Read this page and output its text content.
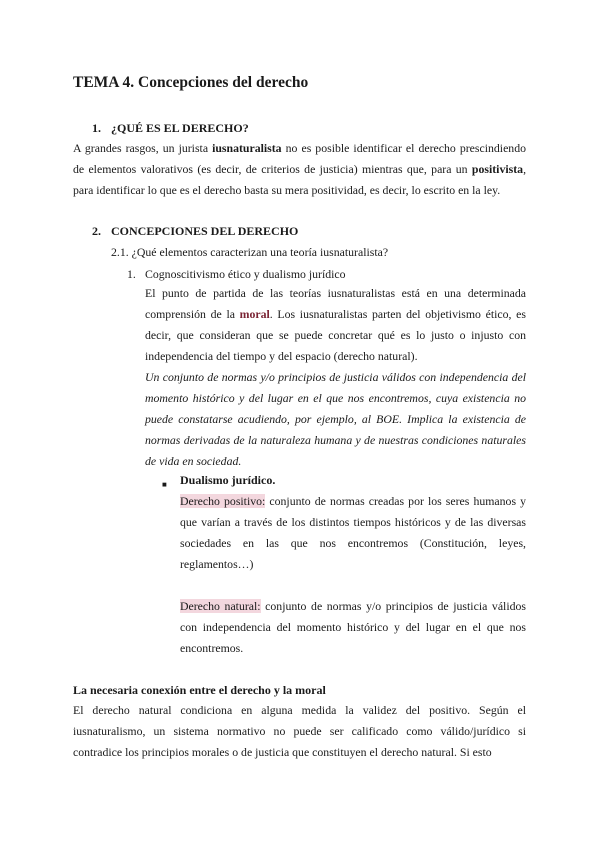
TEMA 4. Concepciones del derecho
1. ¿QUÉ ES EL DERECHO?

A grandes rasgos, un jurista iusnaturalista no es posible identificar el derecho prescindiendo de elementos valorativos (es decir, de criterios de justicia) mientras que, para un positivista, para identificar lo que es el derecho basta su mera positividad, es decir, lo escrito en la ley.

2. CONCEPCIONES DEL DERECHO
2.1. ¿Qué elementos caracterizan una teoría iusnaturalista?
1. Cognoscitivismo ético y dualismo jurídico

El punto de partida de las teorías iusnaturalistas está en una determinada comprensión de la moral. Los iusnaturalistas parten del objetivismo ético, es decir, que consideran que se puede concretar qué es lo justo o injusto con independencia del tiempo y del espacio (derecho natural).

Un conjunto de normas y/o principios de justicia válidos con independencia del momento histórico y del lugar en el que nos encontremos, cuya existencia no puede constatarse acudiendo, por ejemplo, al BOE. Implica la existencia de normas derivadas de la naturaleza humana y de nuestras condiciones naturales de vida en sociedad.

■ Dualismo jurídico.

Derecho positivo: conjunto de normas creadas por los seres humanos y que varían a través de los distintos tiempos históricos y de las diversas sociedades en las que nos encontremos (Constitución, leyes, reglamentos…)

Derecho natural: conjunto de normas y/o principios de justicia válidos con independencia del momento histórico y del lugar en el que nos encontremos.

La necesaria conexión entre el derecho y la moral

El derecho natural condiciona en alguna medida la validez del positivo. Según el iusnaturalismo, un sistema normativo no puede ser calificado como válido/jurídico si contradice los principios morales o de justicia que constituyen el derecho natural. Si esto
